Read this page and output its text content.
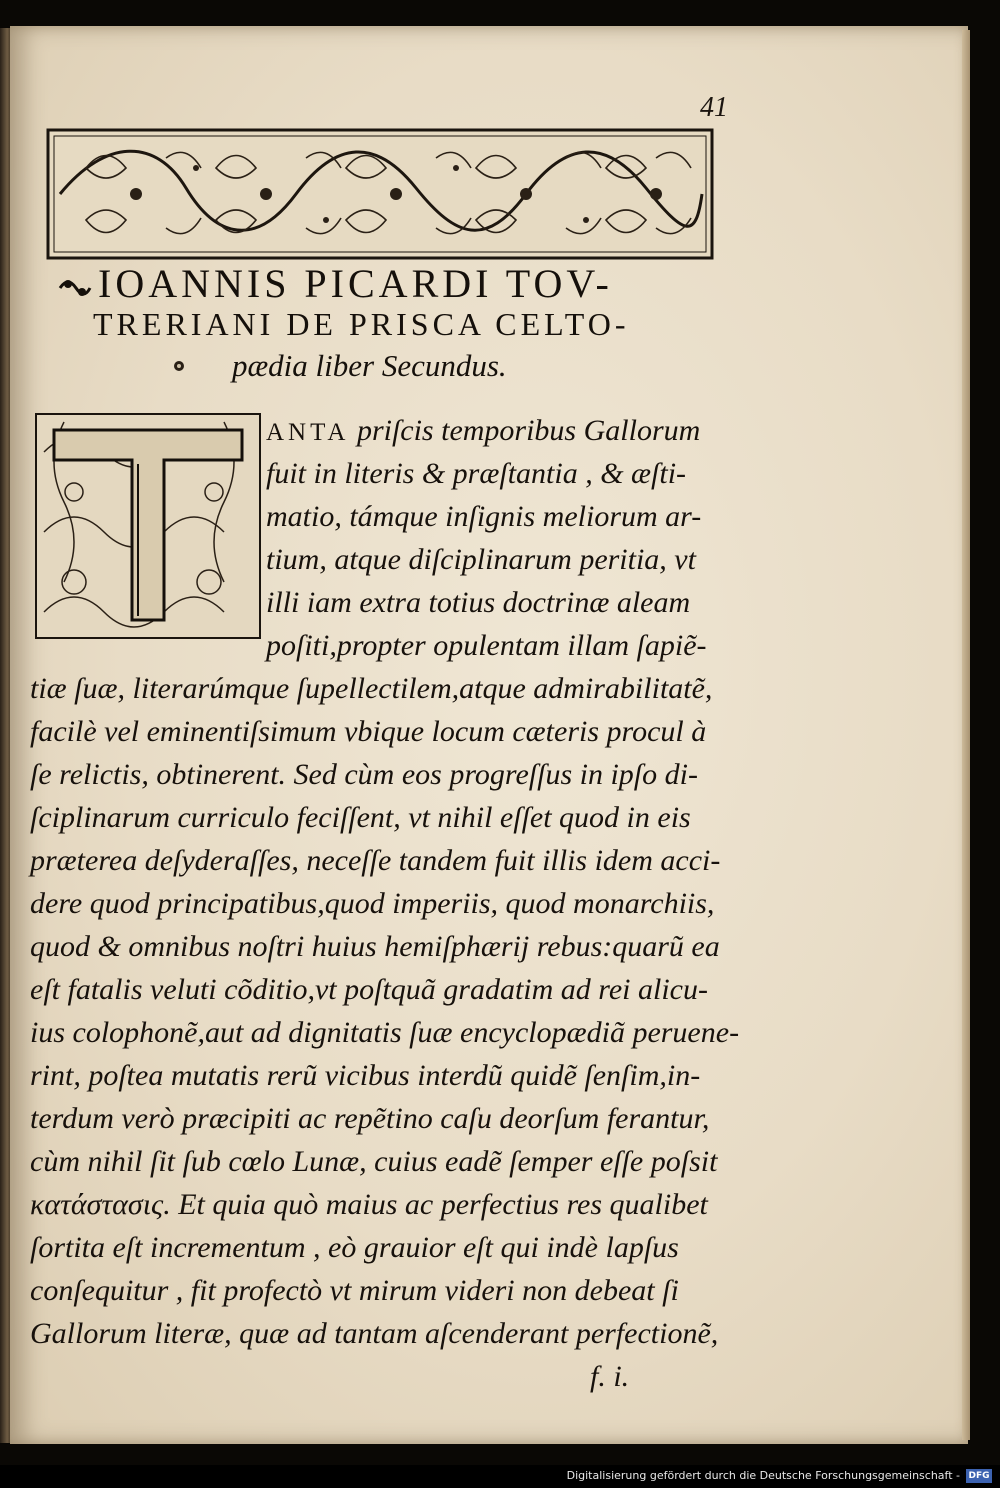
41
IOANNIS PICARDI TOV-
TRERIANI DE PRISCA CELTO-
pædia liber Secundus.
ANTA priſcis temporibus Gallorum
fuit in literis & præſtantia , & æſti-
matio, támque inſignis meliorum ar-
tium, atque diſciplinarum peritia, vt
illi iam extra totius doctrinæ aleam
poſiti,propter opulentam illam ſapiẽ-
tiæ ſuæ, literarúmque ſupellectilem,atque admirabilitatẽ,
facilè vel eminentiſsimum vbique locum cæteris procul à
ſe relictis, obtinerent. Sed cùm eos progreſſus in ipſo di-
ſciplinarum curriculo feciſſent, vt nihil eſſet quod in eis
præterea deſyderaſſes, neceſſe tandem fuit illis idem acci-
dere quod principatibus,quod imperiis, quod monarchiis,
quod & omnibus noſtri huius hemiſphærij rebus:quarũ ea
eſt fatalis veluti cõditio,vt poſtquã gradatim ad rei alicu-
ius colophonẽ,aut ad dignitatis ſuæ encyclopædiã peruene-
rint, poſtea mutatis rerũ vicibus interdũ quidẽ ſenſim,in-
terdum verò præcipiti ac repẽtino caſu deorſum ferantur,
cùm nihil ſit ſub cœlo Lunæ, cuius eadẽ ſemper eſſe poſsit
κατάστασις. Et quia quò maius ac perfectius res qualibet
ſortita eſt incrementum , eò grauior eſt qui indè lapſus
conſequitur , fit profectò vt mirum videri non debeat ſi
Gallorum literæ, quæ ad tantam aſcenderant perfectionẽ,
f. i.
Digitalisierung gefördert durch die Deutsche Forschungsgemeinschaft - DFG
